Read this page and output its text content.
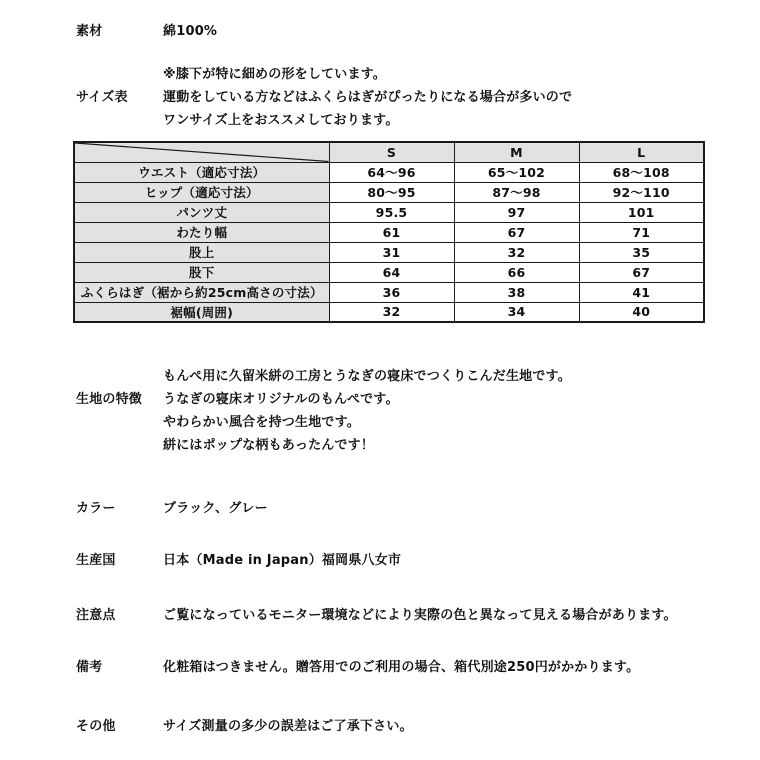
素材	綿100%
サイズ表
※膝下が特に細めの形をしています。
運動をしている方などはふくらはぎがぴったりになる場合が多いので
ワンサイズ上をおススメしております。
	S	M	L
ウエスト（適応寸法）	64〜96	65〜102	68〜108
ヒップ（適応寸法）	80〜95	87〜98	92〜110
パンツ丈	95.5	97	101
わたり幅	61	67	71
股上	31	32	35
股下	64	66	67
ふくらはぎ（裾から約25cm高さの寸法）	36	38	41
裾幅(周囲)	32	34	40
生地の特徴
もんぺ用に久留米絣の工房とうなぎの寝床でつくりこんだ生地です。
うなぎの寝床オリジナルのもんぺです。
やわらかい風合を持つ生地です。
絣にはポップな柄もあったんです！
カラー	ブラック、グレー
生産国	日本（Made in Japan）福岡県八女市
注意点	ご覧になっているモニター環境などにより実際の色と異なって見える場合があります。
備考	化粧箱はつきません。贈答用でのご利用の場合、箱代別途250円がかかります。
その他	サイズ測量の多少の誤差はご了承下さい。
